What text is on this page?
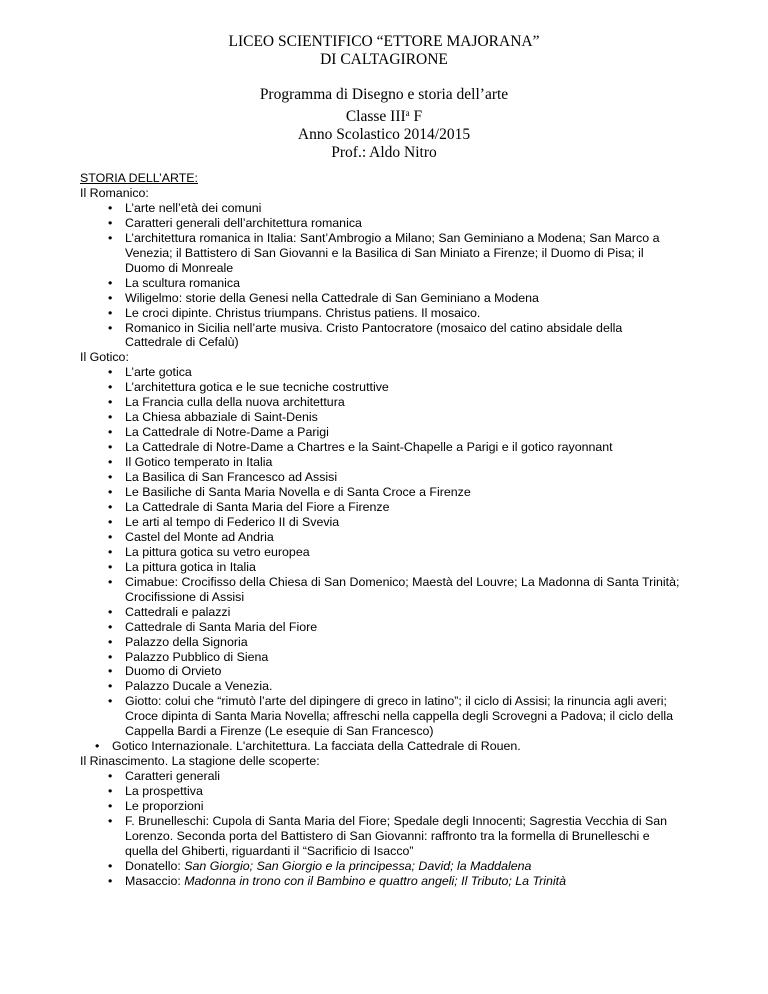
LICEO SCIENTIFICO “ETTORE MAJORANA”
DI CALTAGIRONE
Programma di Disegno e storia dell’arte
Classe III$^a$ F
Anno Scolastico 2014/2015
Prof.: Aldo Nitro
STORIA DELL’ARTE:
Il Romanico:
• L’arte nell’età dei comuni
• Caratteri generali dell’architettura romanica
• L’architettura romanica in Italia: Sant’Ambrogio a Milano; San Geminiano a Modena; San Marco a Venezia; il Battistero di San Giovanni e la Basilica di San Miniato a Firenze; il Duomo di Pisa; il Duomo di Monreale
• La scultura romanica
• Wiligelmo: storie della Genesi nella Cattedrale di San Geminiano a Modena
• Le croci dipinte. Christus triumpans. Christus patiens. Il mosaico.
• Romanico in Sicilia nell’arte musiva. Cristo Pantocratore (mosaico del catino absidale della Cattedrale di Cefalù)
Il Gotico:
• L’arte gotica
• L’architettura gotica e le sue tecniche costruttive
• La Francia culla della nuova architettura
• La Chiesa abbaziale di Saint-Denis
• La Cattedrale di Notre-Dame a Parigi
• La Cattedrale di Notre-Dame a Chartres e la Saint-Chapelle a Parigi e il gotico rayonnant
• Il Gotico temperato in Italia
• La Basilica di San Francesco ad Assisi
• Le Basiliche di Santa Maria Novella e di Santa Croce a Firenze
• La Cattedrale di Santa Maria del Fiore a Firenze
• Le arti al tempo di Federico II di Svevia
• Castel del Monte ad Andria
• La pittura gotica su vetro europea
• La pittura gotica in Italia
• Cimabue: Crocifisso della Chiesa di San Domenico; Maestà del Louvre; La Madonna di Santa Trinità; Crocifissione di Assisi
• Cattedrali e palazzi
• Cattedrale di Santa Maria del Fiore
• Palazzo della Signoria
• Palazzo Pubblico di Siena
• Duomo di Orvieto
• Palazzo Ducale a Venezia.
• Giotto: colui che “rimutò l’arte del dipingere di greco in latino”; il ciclo di Assisi; la rinuncia agli averi; Croce dipinta di Santa Maria Novella; affreschi nella cappella degli Scrovegni a Padova; il ciclo della Cappella Bardi a Firenze (Le esequie di San Francesco)
• Gotico Internazionale. L'architettura. La facciata della Cattedrale di Rouen.
Il Rinascimento. La stagione delle scoperte:
• Caratteri generali
• La prospettiva
• Le proporzioni
• F. Brunelleschi: Cupola di Santa Maria del Fiore; Spedale degli Innocenti; Sagrestia Vecchia di San Lorenzo. Seconda porta del Battistero di San Giovanni: raffronto tra la formella di Brunelleschi e quella del Ghiberti, riguardanti il “Sacrificio di Isacco”
• Donatello: San Giorgio; San Giorgio e la principessa; David; la Maddalena
• Masaccio: Madonna in trono con il Bambino e quattro angeli; Il Tributo; La Trinità
